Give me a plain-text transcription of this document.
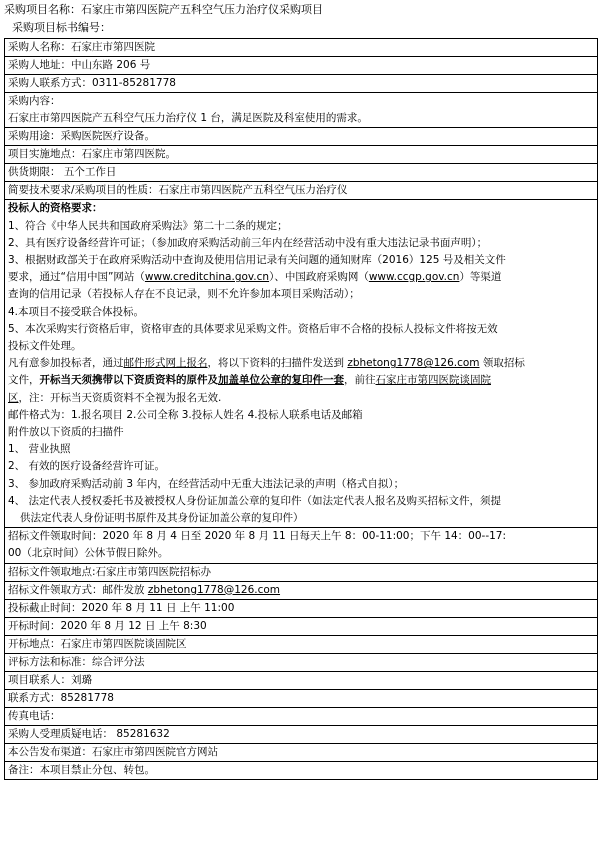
采购项目名称：石家庄市第四医院产五科空气压力治疗仪采购项目
采购项目标书编号：
采购人名称：石家庄市第四医院
采购人地址：中山东路 206 号
采购人联系方式：0311-85281778

采购内容：

石家庄市第四医院产五科空气压力治疗仪 1 台，满足医院及科室使用的需求。

采购用途：采购医院医疗设备。
项目实施地点：石家庄市第四医院。
供货期限： 五个工作日
简要技术要求/采购项目的性质：石家庄市第四医院产五科空气压力治疗仪

投标人的资格要求：

1、符合《中华人民共和国政府采购法》第二十二条的规定；

2、具有医疗设备经营许可证；（参加政府采购活动前三年内在经营活动中没有重大违法记录书面声明）；

3、根据财政部关于在政府采购活动中查询及使用信用记录有关问题的通知财库（2016）125 号及相关文件

要求，通过“信用中国”网站（www.creditchina.gov.cn）、中国政府采购网（www.ccgp.gov.cn）等渠道

查询的信用记录（若投标人存在不良记录，则不允许参加本项目采购活动）；

4.本项目不接受联合体投标。

5、本次采购实行资格后审，资格审查的具体要求见采购文件。资格后审不合格的投标人投标文件将按无效

投标文件处理。

凡有意参加投标者，通过邮件形式网上报名，将以下资料的扫描件发送到 zbhetong1778@126.com 领取招标

文件，开标当天须携带以下资质资料的原件及加盖单位公章的复印件一套，前往石家庄市第四医院谈固院

区，注：开标当天资质资料不全视为报名无效.

邮件格式为：1.报名项目 2.公司全称 3.投标人姓名 4.投标人联系电话及邮箱

附件放以下资质的扫描件

1、 营业执照

2、 有效的医疗设备经营许可证。

3、 参加政府采购活动前 3 年内，在经营活动中无重大违法记录的声明（格式自拟）；

4、 法定代表人授权委托书及被授权人身份证加盖公章的复印件（如法定代表人报名及购买招标文件，须提

供法定代表人身份证明书原件及其身份证加盖公章的复印件）

招标文件领取时间：2020 年 8 月 4 日至 2020 年 8 月 11 日每天上午 8：00-11:00；下午 14：00--17:

00（北京时间）公休节假日除外。

招标文件领取地点:石家庄市第四医院招标办
招标文件领取方式：邮件发放 zbhetong1778@126.com
投标截止时间：2020 年 8 月 11 日 上午 11:00
开标时间：2020 年 8 月 12 日 上午 8:30
开标地点：石家庄市第四医院谈固院区
评标方法和标准：综合评分法
项目联系人：刘璐
联系方式：85281778
传真电话：
采购人受理质疑电话： 85281632
本公告发布渠道：石家庄市第四医院官方网站
备注：本项目禁止分包、转包。
